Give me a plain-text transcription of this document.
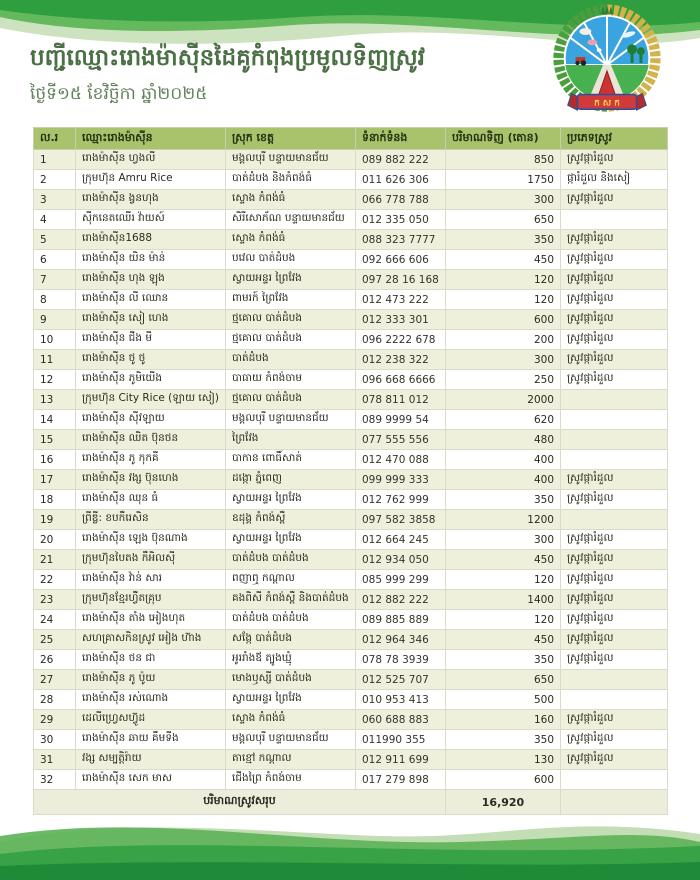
ក ស ក
បញ្ជីឈ្មោះរោងម៉ាស៊ីនដៃគូកំពុងប្រមូលទិញស្រូវ
ថ្ងៃទី១៥ ខែវិច្ឆិកា ឆ្នាំ២០២៥
ល.រ	ឈ្មោះរោងម៉ាស៊ីន	ស្រុក ខេត្ត	ទំនាក់ទំនង	បរិមាណទិញ (តោន)	ប្រភេទស្រូវ
1	រោងម៉ាស៊ីន ហ្វងលី	មង្គលបុរី បន្ទាយមានជ័យ	089 882 222	850	ស្រូវផ្ការំដួល
2	ក្រុមហ៊ុន Amru Rice	បាត់ដំបង និងកំពង់ធំ	011 626 306	1750	ផ្ការំដួល និងសៀ
3	រោងម៉ាស៊ីន ង្វនហុង	ស្ទោង កំពង់ធំ	066 778 788	300	ស្រូវផ្ការំដួល
4	ស៊ីកនេតឈើរ វ៉ាយស៍	សិរីសោភ័ណ បន្ទាយមានជ័យ	012 335 050	650	
5	រោងម៉ាស៊ីន1688	ស្ទោង កំពង់ធំ	088 323 7777	350	ស្រូវផ្ការំដួល
6	រោងម៉ាស៊ីន យិន ម៉ាន់	បវេល បាត់ដំបង	092 666 606	450	ស្រូវផ្ការំដួល
7	រោងម៉ាស៊ីន ហុង ឡុង	ស្វាយអន្ទរ ព្រៃវែង	097 28 16 168	120	ស្រូវផ្ការំដួល
8	រោងម៉ាស៊ីន លី ឈោន	ពាមរក៍ ព្រៃវែង	012 473 222	120	ស្រូវផ្ការំដួល
9	រោងម៉ាស៊ីន សៀ ហេង	ថ្មគោល បាត់ដំបង	012 333 301	600	ស្រូវផ្ការំដួល
10	រោងម៉ាស៊ីន ជីង មី	ថ្មគោល បាត់ដំបង	096 2222 678	200	ស្រូវផ្ការំដួល
11	រោងម៉ាស៊ីន ថូ ថូ	បាត់ដំបង	012 238 322	300	ស្រូវផ្ការំដួល
12	រោងម៉ាស៊ីន ភូមិយើង	បាធាយ កំពង់ចាម	096 668 6666	250	ស្រូវផ្ការំដួល
13	ក្រុមហ៊ុន City Rice (ឡាយ សៀ)	ថ្មគោល បាត់ដំបង	078 811 012	2000	
14	រោងម៉ាស៊ីន ស៊ីវឡាយ	មង្គលបុរី បន្ទាយមានជ័យ	089 9999 54	620	
15	រោងម៉ាស៊ីន ឈិត ប៊ុនថន	ព្រៃវែង	077 555 556	480	
16	រោងម៉ាស៊ីន ភូ កុកគី	បាកាន ពោធិ៍សាត់	012 470 088	400	
17	រោងម៉ាស៊ីន វង្ស ប៊ុនហេង	ដង្កោ ភ្នំពេញ	099 999 333	400	ស្រូវផ្ការំដួល
18	រោងម៉ាស៊ីន ឈុន ធំ	ស្វាយអន្ទរ ព្រៃវែង	012 762 999	350	ស្រូវផ្ការំដួល
19	ព្រីឌ្លី: ខបកឺរេសិន	ឧដុង្គ កំពង់ស្ពឺ	097 582 3858	1200	
20	រោងម៉ាស៊ីន ឡេង ប៊ុនណាង	ស្វាយអន្ទរ ព្រៃវែង	012 664 245	300	ស្រូវផ្ការំដួល
21	ក្រុមហ៊ុនបៃតង កឹអិលស៊ី	បាត់ដំបង បាត់ដំបង	012 934 050	450	ស្រូវផ្ការំដួល
22	រោងម៉ាស៊ីន វ៉ាន់ សារ	ពញាឮ កណ្តាល	085 999 299	120	ស្រូវផ្ការំដួល
23	ក្រុមហ៊ុនខ្មែរហ្វឺតគ្រុប	គងពិសី កំពង់ស្ពឺ និងបាត់ដំបង	012 882 222	1400	ស្រូវផ្ការំដួល
24	រោងម៉ាស៊ីន តាំង អៀងហុត	បាត់ដំបង បាត់ដំបង	089 885 889	120	ស្រូវផ្ការំដួល
25	សហគ្រាសកិនស្រូវ អៀង ហ៊ាង	សង្កែ បាត់ដំបង	012 964 346	450	ស្រូវផ្ការំដួល
26	រោងម៉ាស៊ីន ថន ជា	អូររាំងឪ ត្បូងឃ្មុំ	078 78 3939	350	ស្រូវផ្ការំដួល
27	រោងម៉ាស៊ីន ភូ ប៉ូយ	មោងឫស្សី បាត់ដំបង	012 525 707	650	
28	រោងម៉ាស៊ីន រស់ណោង	ស្វាយអន្ទរ ព្រៃវែង	010 953 413	500	
29	ដេលីហ្រ្វេសហ៊្វូដ	ស្ទោង កំពង់ធំ	060 688 883	160	ស្រូវផ្ការំដួល
30	រោងម៉ាស៊ីន ឆាយ គឹមទីង	មង្គលបុរី បន្ទាយមានជ័យ	011990 355	350	ស្រូវផ្ការំដួល
31	វង្ស សម្បត្តិរ៉ាយ	តាខ្មៅ កណ្តាល	012 911 699	130	ស្រូវផ្ការំដួល
32	រោងម៉ាស៊ីន សេក មាស	ជើងព្រៃ កំពង់ចាម	017 279 898	600	
បរិមាណស្រូវសរុប				16,920	
